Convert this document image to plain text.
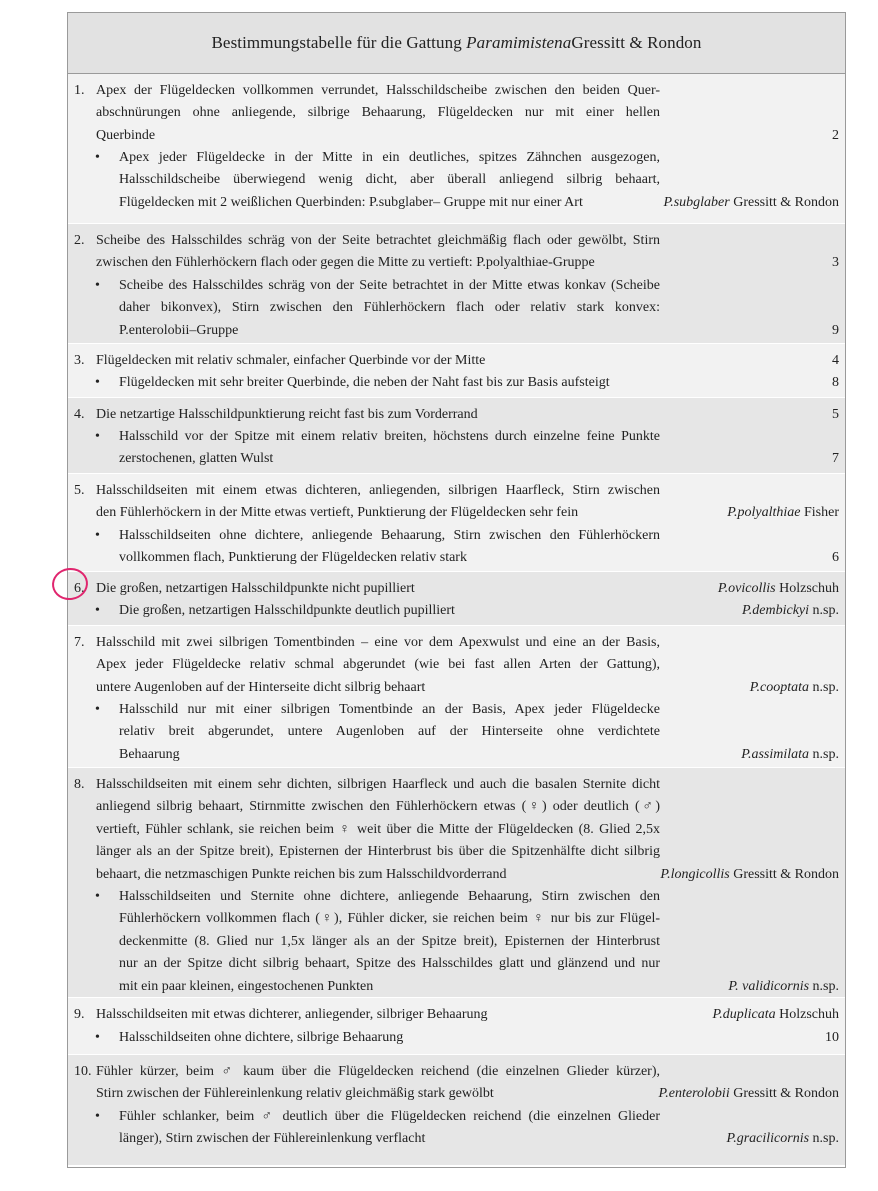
Bestimmungstabelle für die Gattung
Paramimistena Gressitt & Rondon
1. Apex der Flügeldecken vollkommen verrundet, Halsschildscheibe zwischen den beiden Quer-
abschnürungen ohne anliegende, silbrige Behaarung, Flügeldecken nur mit einer hellen
Querbinde	2
• Apex jeder Flügeldecke in der Mitte in ein deutliches, spitzes Zähnchen ausgezogen,
Halsschildscheibe überwiegend wenig dicht, aber überall anliegend silbrig behaart,
Flügeldecken mit 2 weißlichen Querbinden: P.subglaber– Gruppe mit nur einer Art	P.subglaber Gressitt & Rondon
2. Scheibe des Halsschildes schräg von der Seite betrachtet gleichmäßig flach oder gewölbt, Stirn
zwischen den Fühlerhöckern flach oder gegen die Mitte zu vertieft: P.polyalthiae-Gruppe	3
• Scheibe des Halsschildes schräg von der Seite betrachtet in der Mitte etwas konkav (Scheibe
daher bikonvex), Stirn zwischen den Fühlerhöckern flach oder relativ stark konvex:
P.enterolobii–Gruppe	9
3. Flügeldecken mit relativ schmaler, einfacher Querbinde vor der Mitte	4
• Flügeldecken mit sehr breiter Querbinde, die neben der Naht fast bis zur Basis aufsteigt	8
4. Die netzartige Halsschildpunktierung reicht fast bis zum Vorderrand	5
• Halsschild vor der Spitze mit einem relativ breiten, höchstens durch einzelne feine Punkte
zerstochenen, glatten Wulst	7
5. Halsschildseiten mit einem etwas dichteren, anliegenden, silbrigen Haarfleck, Stirn zwischen
den Fühlerhöckern in der Mitte etwas vertieft, Punktierung der Flügeldecken sehr fein	P.polyalthiae Fisher
• Halsschildseiten ohne dichtere, anliegende Behaarung, Stirn zwischen den Fühlerhöckern
vollkommen flach, Punktierung der Flügeldecken relativ stark	6
6. Die großen, netzartigen Halsschildpunkte nicht pupilliert	P.ovicollis Holzschuh
• Die großen, netzartigen Halsschildpunkte deutlich pupilliert	P.dembickyi n.sp.
7. Halsschild mit zwei silbrigen Tomentbinden – eine vor dem Apexwulst und eine an der Basis,
Apex jeder Flügeldecke relativ schmal abgerundet (wie bei fast allen Arten der Gattung),
untere Augenloben auf der Hinterseite dicht silbrig behaart	P.cooptata n.sp.
• Halsschild nur mit einer silbrigen Tomentbinde an der Basis, Apex jeder Flügeldecke
relativ breit abgerundet, untere Augenloben auf der Hinterseite ohne verdichtete
Behaarung	P.assimilata n.sp.
8. Halsschildseiten mit einem sehr dichten, silbrigen Haarfleck und auch die basalen Sternite dicht
anliegend silbrig behaart, Stirnmitte zwischen den Fühlerhöckern etwas (♀) oder deutlich (♂)
vertieft, Fühler schlank, sie reichen beim ♀ weit über die Mitte der Flügeldecken (8. Glied 2,5x
länger als an der Spitze breit), Episternen der Hinterbrust bis über die Spitzenhälfte dicht silbrig
behaart, die netzmaschigen Punkte reichen bis zum Halsschildvorderrand	P.longicollis Gressitt & Rondon
• Halsschildseiten und Sternite ohne dichtere, anliegende Behaarung, Stirn zwischen den
Fühlerhöckern vollkommen flach (♀), Fühler dicker, sie reichen beim ♀ nur bis zur Flügel-
deckenmitte (8. Glied nur 1,5x länger als an der Spitze breit), Episternen der Hinterbrust
nur an der Spitze dicht silbrig behaart, Spitze des Halsschildes glatt und glänzend und nur
mit ein paar kleinen, eingestochenen Punkten	P. validicornis n.sp.
9. Halsschildseiten mit etwas dichterer, anliegender, silbriger Behaarung	P.duplicata Holzschuh
• Halsschildseiten ohne dichtere, silbrige Behaarung	10
10. Fühler kürzer, beim ♂ kaum über die Flügeldecken reichend (die einzelnen Glieder kürzer),
Stirn zwischen der Fühlereinlenkung relativ gleichmäßig stark gewölbt	P.enterolobii Gressitt & Rondon
• Fühler schlanker, beim ♂ deutlich über die Flügeldecken reichend (die einzelnen Glieder
länger), Stirn zwischen der Fühlereinlenkung verflacht	P.gracilicornis n.sp.
